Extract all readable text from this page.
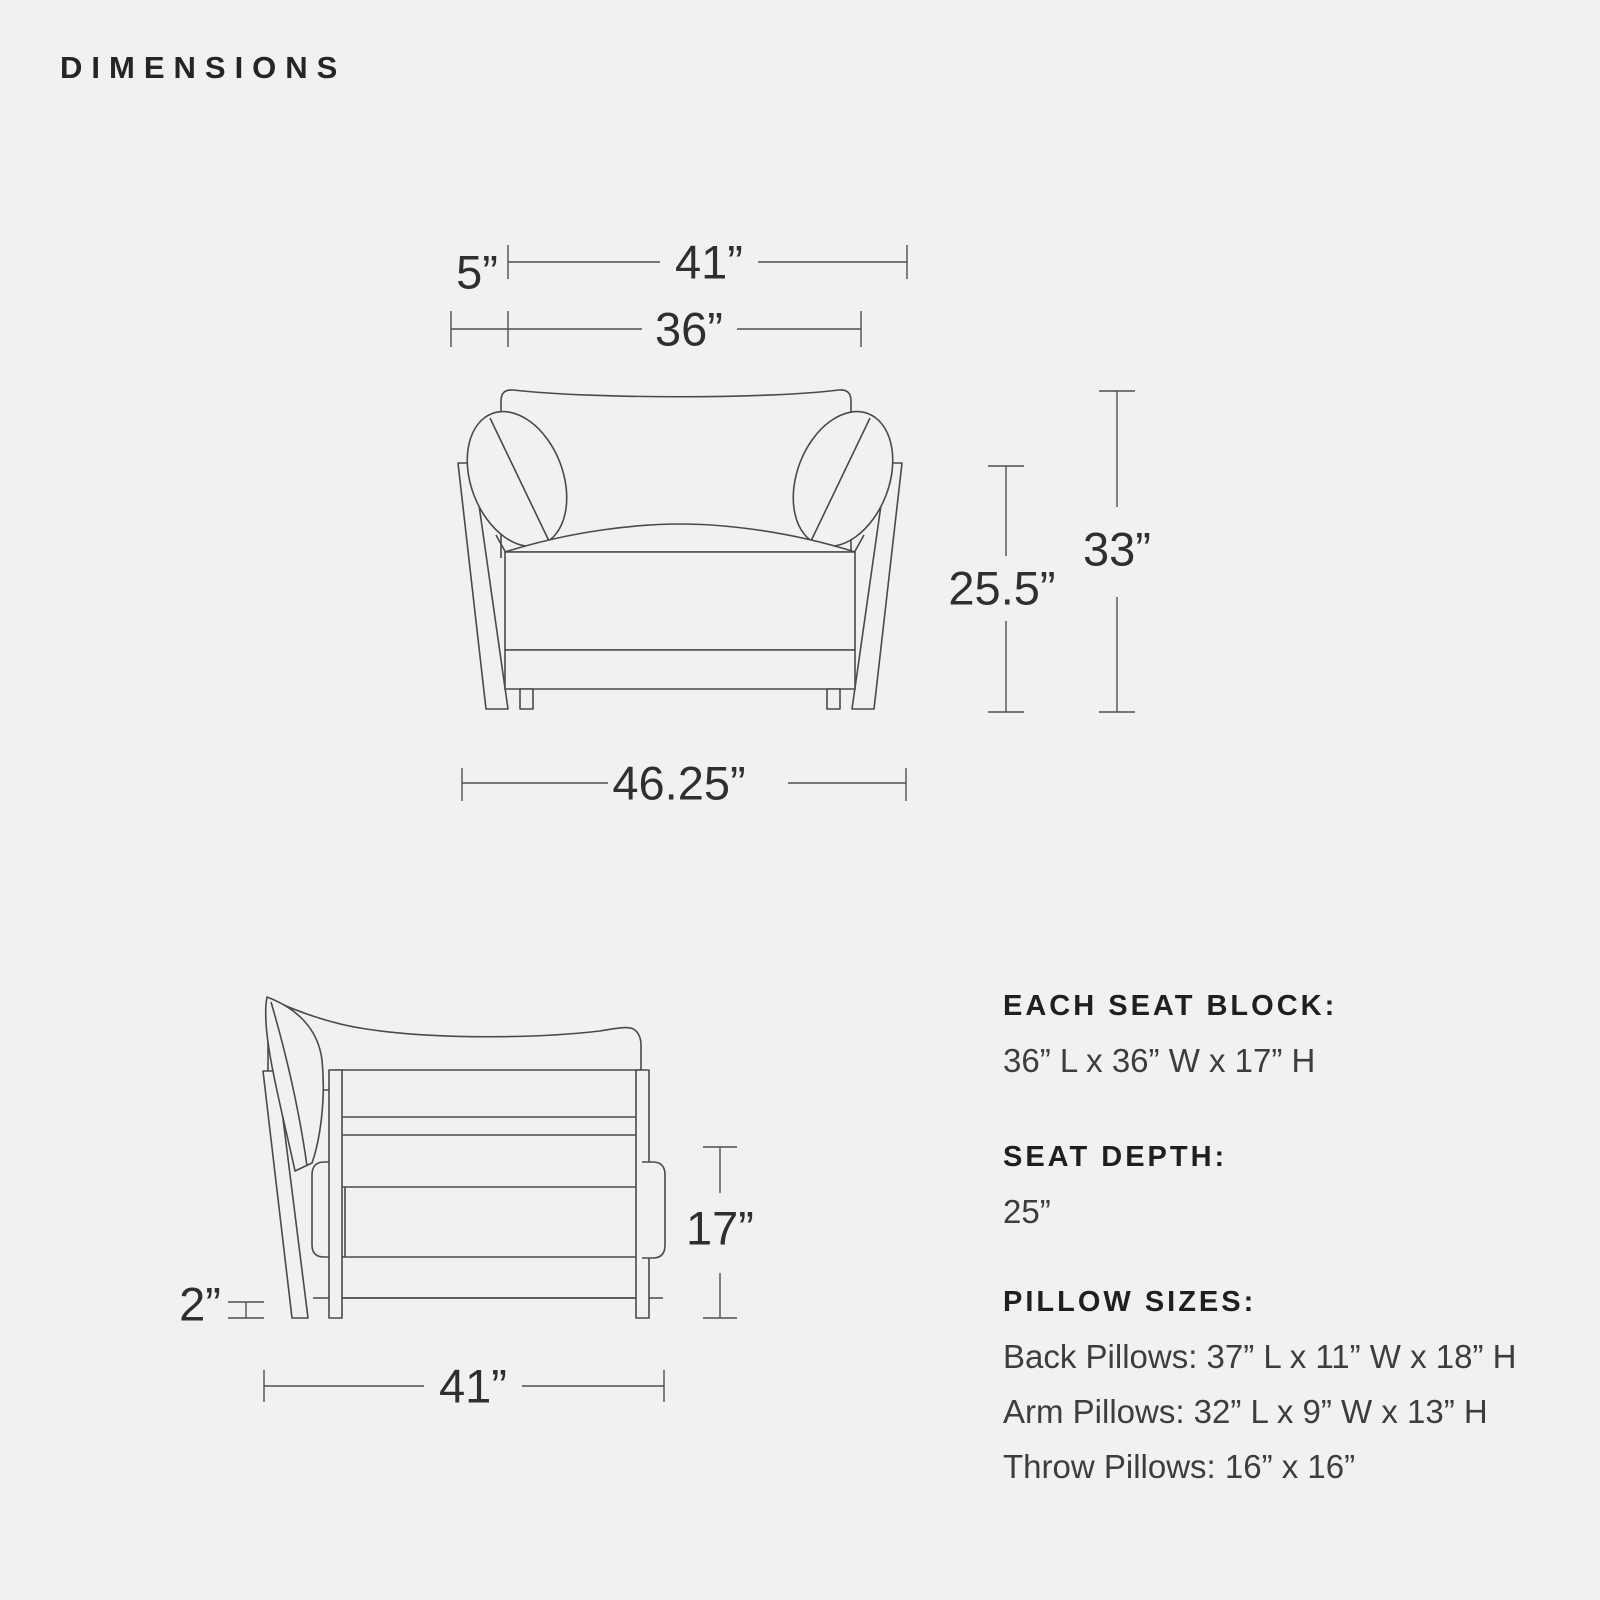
DIMENSIONS
5”	41”
36”
25.5”
33”
46.25”
2”
17”
41”

EACH SEAT BLOCK:

36” L x 36” W x 17” H

SEAT DEPTH:

25”

PILLOW SIZES:

Back Pillows: 37” L x 11” W x 18” H

Arm Pillows: 32” L x 9” W x 13” H

Throw Pillows: 16” x 16”
